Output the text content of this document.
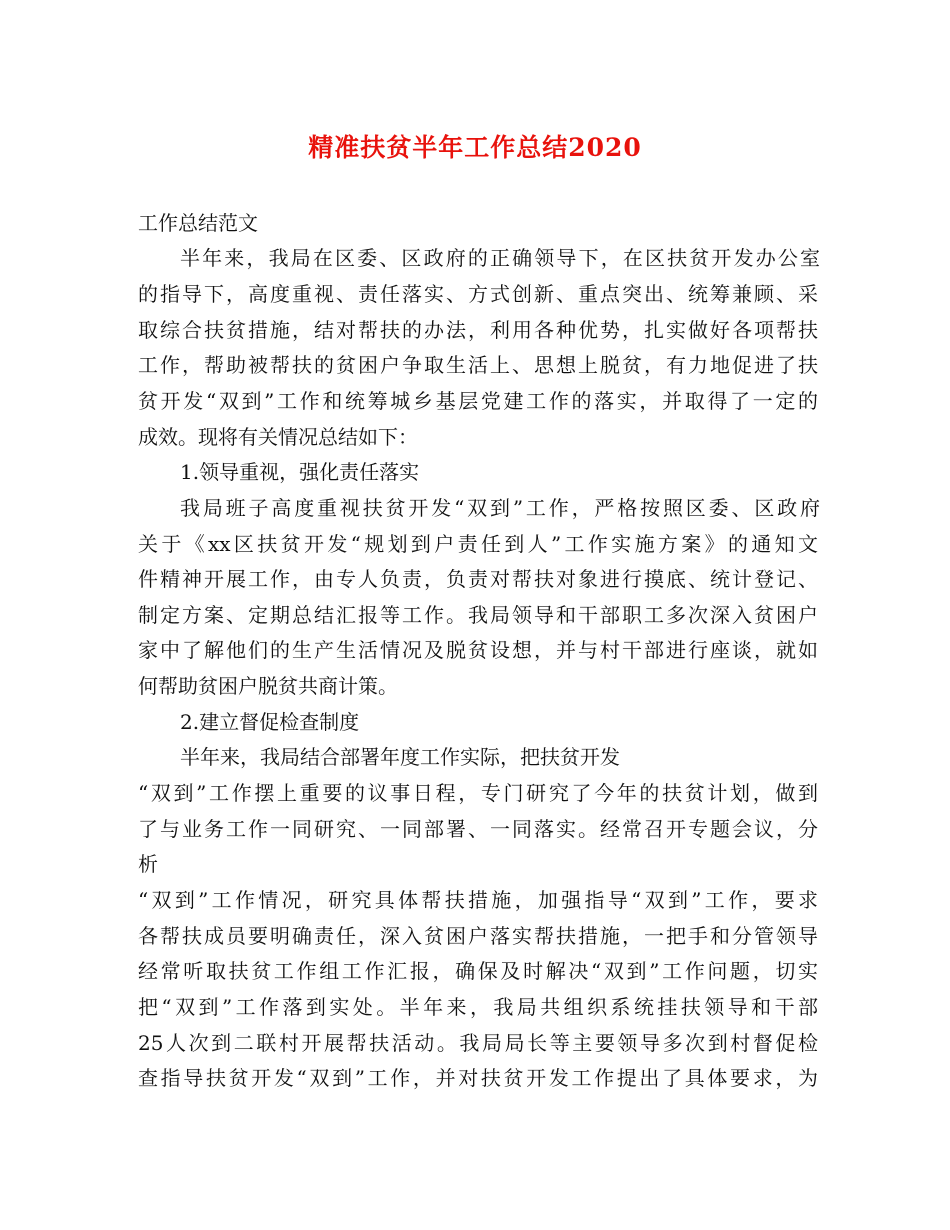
精准扶贫半年工作总结2020
工作总结范文
半年来，我局在区委、区政府的正确领导下，在区扶贫开发办公室
的指导下，高度重视、责任落实、方式创新、重点突出、统筹兼顾、采
取综合扶贫措施，结对帮扶的办法，利用各种优势，扎实做好各项帮扶
工作，帮助被帮扶的贫困户争取生活上、思想上脱贫，有力地促进了扶
贫开发“双到”工作和统筹城乡基层党建工作的落实，并取得了一定的
成效。现将有关情况总结如下：
1.领导重视，强化责任落实
我局班子高度重视扶贫开发“双到”工作，严格按照区委、区政府
关于《xx区扶贫开发“规划到户责任到人”工作实施方案》的通知文
件精神开展工作，由专人负责，负责对帮扶对象进行摸底、统计登记、
制定方案、定期总结汇报等工作。我局领导和干部职工多次深入贫困户
家中了解他们的生产生活情况及脱贫设想，并与村干部进行座谈，就如
何帮助贫困户脱贫共商计策。
2.建立督促检查制度
半年来，我局结合部署年度工作实际，把扶贫开发
“双到”工作摆上重要的议事日程，专门研究了今年的扶贫计划，做到
了与业务工作一同研究、一同部署、一同落实。经常召开专题会议，分
析
“双到”工作情况，研究具体帮扶措施，加强指导“双到”工作，要求
各帮扶成员要明确责任，深入贫困户落实帮扶措施，一把手和分管领导
经常听取扶贫工作组工作汇报，确保及时解决“双到”工作问题，切实
把“双到”工作落到实处。半年来，我局共组织系统挂扶领导和干部
25人次到二联村开展帮扶活动。我局局长等主要领导多次到村督促检
查指导扶贫开发“双到”工作，并对扶贫开发工作提出了具体要求，为
